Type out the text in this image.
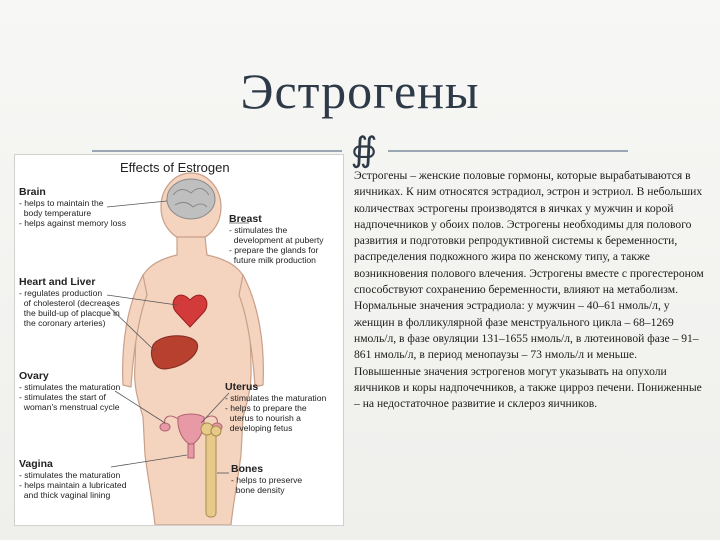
Эстрогены
∯
Effects of Estrogen
Brain
- helps to maintain the
body temperature
- helps against memory loss	Breast
- stimulates the
development at puberty
- prepare the glands for
future milk production
Heart and Liver
- regulates production
of cholesterol (decreases
the build-up of placque in
the coronary arteries)
Ovary
- stimulates the maturation
- stimulates the start of
woman's menstrual cycle
Uterus
- stimulates the maturation
- helps to prepare the
uterus to nourish a
developing fetus
Vagina
- stimulates the maturation
- helps maintain a lubricated
and thick vaginal lining
Bones
- helps to preserve
bone density
Эстрогены – женские половые гормоны, которые вырабатываются в яичниках. К ним относятся эстрадиол, эстрон и эстриол. В небольших количествах эстрогены производятся в яичках у мужчин и корой надпочечников у обоих полов. Эстрогены необходимы для полового развития и подготовки репродуктивной системы к беременности, распределения подкожного жира по женскому типу, а также возникновения полового влечения. Эстрогены вместе с прогестероном способствуют сохранению беременности, влияют на метаболизм. Нормальные значения эстрадиола: у мужчин – 40–61 нмоль/л, у женщин в фолликулярной фазе менструального цикла – 68–1269 нмоль/л, в фазе овуляции 131–1655 нмоль/л, в лютеиновой фазе – 91–861 нмоль/л, в период менопаузы – 73 нмоль/л и меньше. Повышенные значения эстрогенов могут указывать на опухоли яичников и коры надпочечников, а также цирроз печени. Пониженные – на недостаточное развитие и склероз яичников.
